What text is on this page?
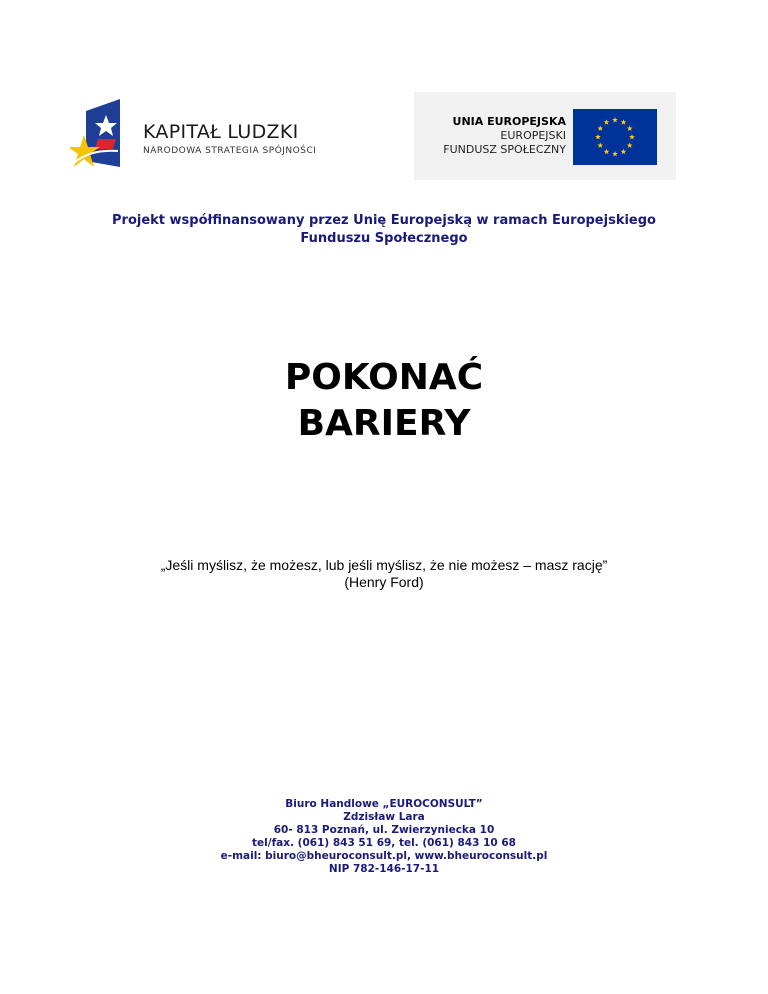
KAPITAŁ LUDZKI
NARODOWA STRATEGIA SPÓJNOŚCI
UNIA EUROPEJSKA
EUROPEJSKI
FUNDUSZ SPOŁECZNY
Projekt współfinansowany przez Unię Europejską w ramach Europejskiego
Funduszu Społecznego
POKONAĆ
BARIERY
„Jeśli myślisz, że możesz, lub jeśli myślisz, że nie możesz – masz rację”
(Henry Ford)
Biuro Handlowe „EUROCONSULT”
Zdzisław Lara
60- 813 Poznań, ul. Zwierzyniecka 10
tel/fax. (061) 843 51 69, tel. (061) 843 10 68
e-mail: biuro@bheuroconsult.pl, www.bheuroconsult.pl
NIP 782-146-17-11
